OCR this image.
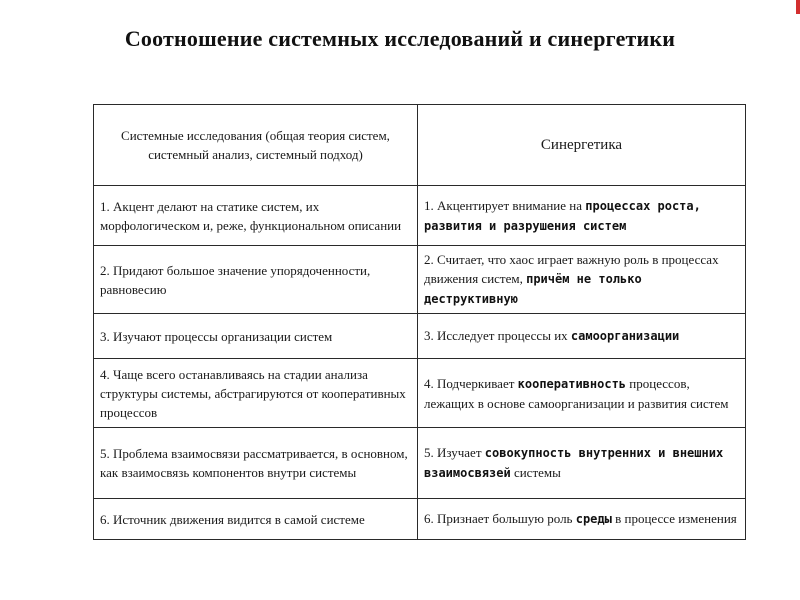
Соотношение системных исследований и синергетики
Системные исследования (общая теория систем, системный анализ, системный подход)	Синергетика
1. Акцент делают на статике систем, их морфологическом и, реже, функциональном описании	1. Акцентирует внимание на процессах роста, развития и разрушения систем
2. Придают большое значение упорядоченности, равновесию	2. Считает, что хаос играет важную роль в процессах движения систем, причём не только деструктивную
3. Изучают процессы организации систем	3. Исследует процессы их самоорганизации
4. Чаще всего останавливаясь на стадии анализа структуры системы, абстрагируются от кооперативных процессов	4. Подчеркивает кооперативность процессов, лежащих в основе самоорганизации и развития систем
5. Проблема взаимосвязи рассматривается, в основном, как взаимосвязь компонентов внутри системы	5. Изучает совокупность внутренних и внешних взаимосвязей системы
6. Источник движения видится в самой системе	6. Признает большую роль среды в процессе изменения
